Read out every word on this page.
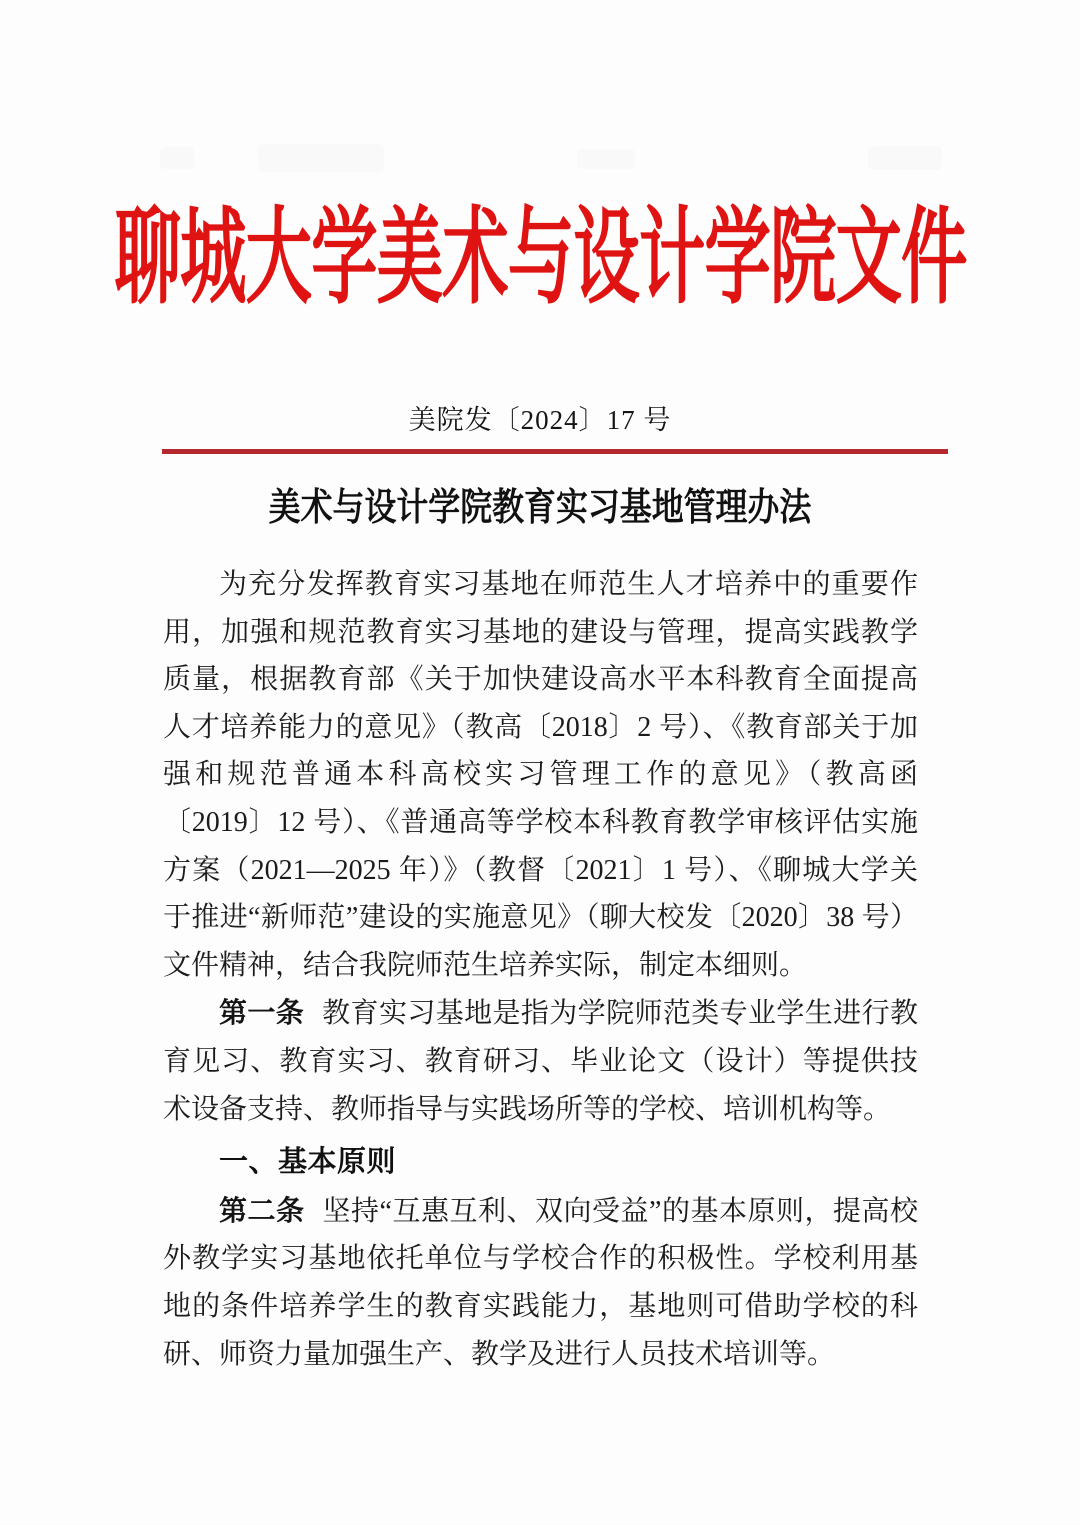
聊城大学美术与设计学院文件
美院发〔2024〕17 号
美术与设计学院教育实习基地管理办法

为充分发挥教育实习基地在师范生人才培养中的重要作用，加强和规范教育实习基地的建设与管理，提高实践教学质量，根据教育部《关于加快建设高水平本科教育全面提高人才培养能力的意见》（教高〔2018〕2 号）、《教育部关于加强和规范普通本科高校实习管理工作的意见》（教高函〔2019〕12 号）、《普通高等学校本科教育教学审核评估实施方案（2021—2025 年）》（教督〔2021〕1 号）、《聊城大学关于推进“新师范”建设的实施意见》（聊大校发〔2020〕38 号）文件精神，结合我院师范生培养实际，制定本细则。

第一条 教育实习基地是指为学院师范类专业学生进行教育见习、教育实习、教育研习、毕业论文（设计）等提供技术设备支持、教师指导与实践场所等的学校、培训机构等。

一、基本原则

第二条 坚持“互惠互利、双向受益”的基本原则，提高校外教学实习基地依托单位与学校合作的积极性。学校利用基地的条件培养学生的教育实践能力，基地则可借助学校的科研、师资力量加强生产、教学及进行人员技术培训等。
